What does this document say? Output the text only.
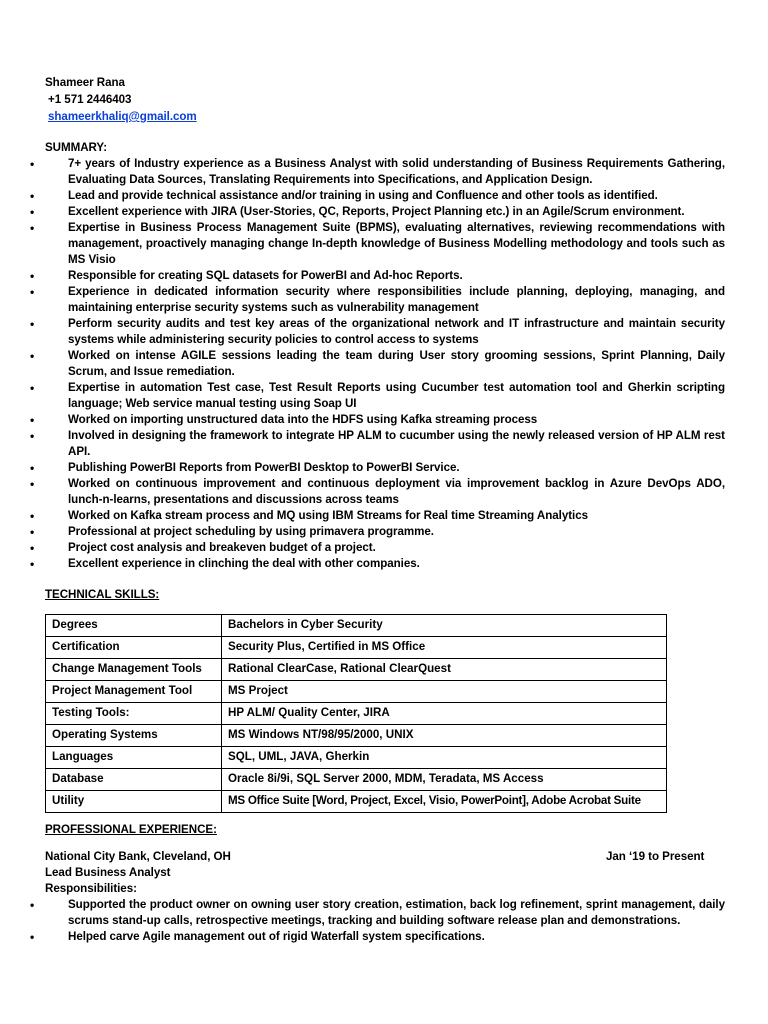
Shameer Rana
+1 571 2446403
shameerkhaliq@gmail.com
SUMMARY:
• 7+ years of Industry experience as a Business Analyst with solid understanding of Business Requirements Gathering, Evaluating Data Sources, Translating Requirements into Specifications, and Application Design.
• Lead and provide technical assistance and/or training in using and Confluence and other tools as identified.
• Excellent experience with JIRA (User-Stories, QC, Reports, Project Planning etc.) in an Agile/Scrum environment.
• Expertise in Business Process Management Suite (BPMS), evaluating alternatives, reviewing recommendations with management, proactively managing change In-depth knowledge of Business Modelling methodology and tools such as MS Visio
• Responsible for creating SQL datasets for PowerBI and Ad-hoc Reports.
• Experience in dedicated information security where responsibilities include planning, deploying, managing, and maintaining enterprise security systems such as vulnerability management
• Perform security audits and test key areas of the organizational network and IT infrastructure and maintain security systems while administering security policies to control access to systems
• Worked on intense AGILE sessions leading the team during User story grooming sessions, Sprint Planning, Daily Scrum, and Issue remediation.
• Expertise in automation Test case, Test Result Reports using Cucumber test automation tool and Gherkin scripting language; Web service manual testing using Soap UI
• Worked on importing unstructured data into the HDFS using Kafka streaming process
• Involved in designing the framework to integrate HP ALM to cucumber using the newly released version of HP ALM rest API.
• Publishing PowerBI Reports from PowerBI Desktop to PowerBI Service.
• Worked on continuous improvement and continuous deployment via improvement backlog in Azure DevOps ADO, lunch-n-learns, presentations and discussions across teams
• Worked on Kafka stream process and MQ using IBM Streams for Real time Streaming Analytics
• Professional at project scheduling by using primavera programme.
• Project cost analysis and breakeven budget of a project.
• Excellent experience in clinching the deal with other companies.
TECHNICAL SKILLS:
Degrees	Bachelors in Cyber Security
Certification	Security Plus, Certified in MS Office
Change Management Tools	Rational ClearCase, Rational ClearQuest
Project Management Tool	MS Project
Testing Tools:	HP ALM/ Quality Center, JIRA
Operating Systems	MS Windows NT/98/95/2000, UNIX
Languages	SQL, UML, JAVA, Gherkin
Database	Oracle 8i/9i, SQL Server 2000, MDM, Teradata, MS Access
Utility	MS Office Suite [Word, Project, Excel, Visio, PowerPoint], Adobe Acrobat Suite
PROFESSIONAL EXPERIENCE:
National City Bank, Cleveland, OH	Jan ‘19 to Present
Lead Business Analyst
Responsibilities:
• Supported the product owner on owning user story creation, estimation, back log refinement, sprint management, daily scrums stand-up calls, retrospective meetings, tracking and building software release plan and demonstrations.
• Helped carve Agile management out of rigid Waterfall system specifications.
